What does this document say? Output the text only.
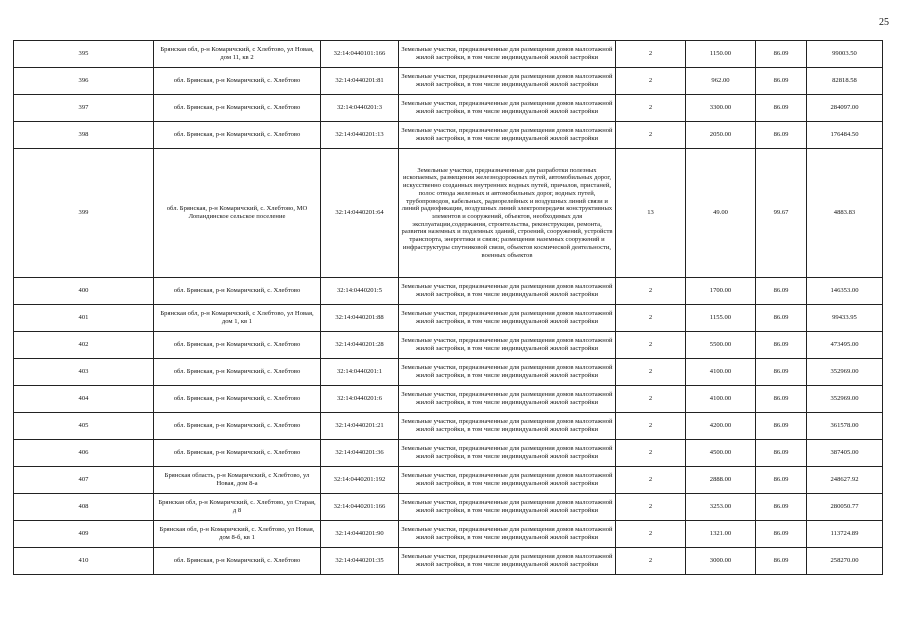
25
395	Брянская обл, р-н Комаричский, с Хлебтово, ул Новая, дом 11, кв 2	32:14:0440101:166	Земельные участки, предназначенные для размещения домов малоэтажной жилой застройки, в том числе индивидуальной жилой застройки	2	1150.00	86.09	99003.50
396	обл. Брянская, р-н Комаричский, с. Хлебтово	32:14:0440201:81	Земельные участки, предназначенные для размещения домов малоэтажной жилой застройки, в том числе индивидуальной жилой застройки	2	962.00	86.09	82818.58
397	обл. Брянская, р-н Комаричский, с. Хлебтово	32:14:0440201:3	Земельные участки, предназначенные для размещения домов малоэтажной жилой застройки, в том числе индивидуальной жилой застройки	2	3300.00	86.09	284097.00
398	обл. Брянская, р-н Комаричский, с. Хлебтово	32:14:0440201:13	Земельные участки, предназначенные для размещения домов малоэтажной жилой застройки, в том числе индивидуальной жилой застройки	2	2050.00	86.09	176484.50
399	обл. Брянская, р-н Комаричский, с. Хлебтово, МО Лопандинское сельское поселение	32:14:0440201:64	Земельные участки, предназначенные для разработки полезных ископаемых, размещения железнодорожных путей, автомобильных дорог, искусственно созданных внутренних водных путей, причалов, пристаней, полос отвода железных и автомобильных дорог, водных путей, трубопроводов, кабельных, радиорелейных и воздушных линий связи и линий радиофикации, воздушных линий электропередачи конструктивных элементов и сооружений, объектов, необходимых для эксплуатации,содержания, строительства, реконструкции, ремонта, развития наземных и подземных зданий, строений, сооружений, устройств транспорта, энергетики и связи; размещения наземных сооружений и инфраструктуры спутниковой связи, объектов космической деятельности, военных объектов	13	49.00	99.67	4883.83
400	обл. Брянская, р-н Комаричский, с. Хлебтово	32:14:0440201:5	Земельные участки, предназначенные для размещения домов малоэтажной жилой застройки, в том числе индивидуальной жилой застройки	2	1700.00	86.09	146353.00
401	Брянская обл, р-н Комаричский, с Хлебтово, ул Новая, дом 1, кв 1	32:14:0440201:88	Земельные участки, предназначенные для размещения домов малоэтажной жилой застройки, в том числе индивидуальной жилой застройки	2	1155.00	86.09	99433.95
402	обл. Брянская, р-н Комаричский, с. Хлебтово	32:14:0440201:28	Земельные участки, предназначенные для размещения домов малоэтажной жилой застройки, в том числе индивидуальной жилой застройки	2	5500.00	86.09	473495.00
403	обл. Брянская, р-н Комаричский, с. Хлебтово	32:14:0440201:1	Земельные участки, предназначенные для размещения домов малоэтажной жилой застройки, в том числе индивидуальной жилой застройки	2	4100.00	86.09	352969.00
404	обл. Брянская, р-н Комаричский, с. Хлебтово	32:14:0440201:6	Земельные участки, предназначенные для размещения домов малоэтажной жилой застройки, в том числе индивидуальной жилой застройки	2	4100.00	86.09	352969.00
405	обл. Брянская, р-н Комаричский, с. Хлебтово	32:14:0440201:21	Земельные участки, предназначенные для размещения домов малоэтажной жилой застройки, в том числе индивидуальной жилой застройки	2	4200.00	86.09	361578.00
406	обл. Брянская, р-н Комаричский, с. Хлебтово	32:14:0440201:36	Земельные участки, предназначенные для размещения домов малоэтажной жилой застройки, в том числе индивидуальной жилой застройки	2	4500.00	86.09	387405.00
407	Брянская область, р-н Комаричский, с Хлебтово, ул Новая, дом 8-а	32:14:0440201:192	Земельные участки, предназначенные для размещения домов малоэтажной жилой застройки, в том числе индивидуальной жилой застройки	2	2888.00	86.09	248627.92
408	Брянская обл, р-н Комаричский, с. Хлебтово, ул Старая, д 8	32:14:0440201:166	Земельные участки, предназначенные для размещения домов малоэтажной жилой застройки, в том числе индивидуальной жилой застройки	2	3253.00	86.09	280050.77
409	Брянская обл, р-н Комаричский, с. Хлебтово, ул Новая, дом 8-б, кв 1	32:14:0440201:90	Земельные участки, предназначенные для размещения домов малоэтажной жилой застройки, в том числе индивидуальной жилой застройки	2	1321.00	86.09	113724.89
410	обл. Брянская, р-н Комаричский, с. Хлебтово	32:14:0440201:35	Земельные участки, предназначенные для размещения домов малоэтажной жилой застройки, в том числе индивидуальной жилой застройки	2	3000.00	86.09	258270.00
